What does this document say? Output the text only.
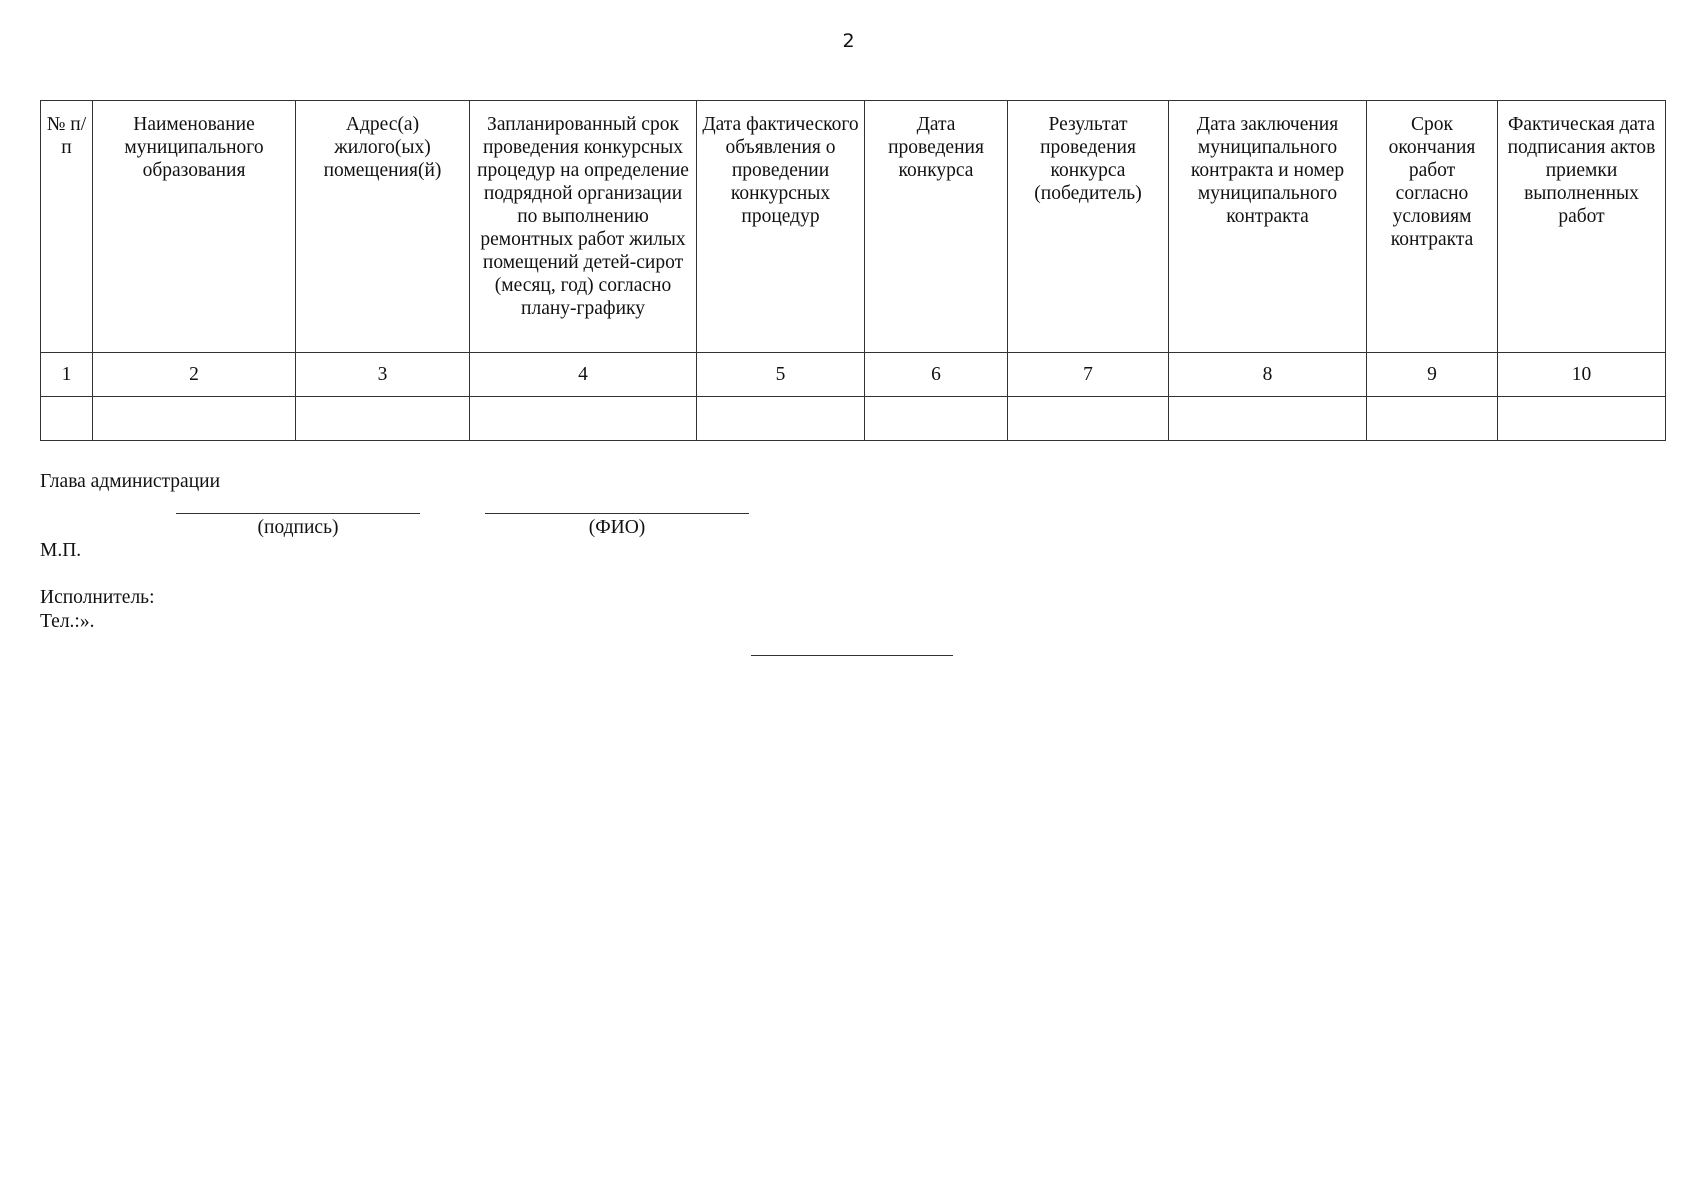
2
№ п/п	Наименование муниципального образования	Адрес(а) жилого(ых) помещения(й)	Запланированный срок проведения конкурсных процедур на определение подрядной организации по выполнению ремонтных работ жилых помещений детей-сирот (месяц, год) согласно плану-графику	Дата фактического объявления о проведении конкурсных процедур	Дата проведения конкурса	Результат проведения конкурса (победитель)	Дата заключения муниципального контракта и номер муниципального контракта	Срок окончания работ согласно условиям контракта	Фактическая дата подписания актов приемки выполненных работ
1	2	3	4	5	6	7	8	9	10

Глава администрации
(подпись)	(ФИО)
М.П.
Исполнитель:
Тел.:».
